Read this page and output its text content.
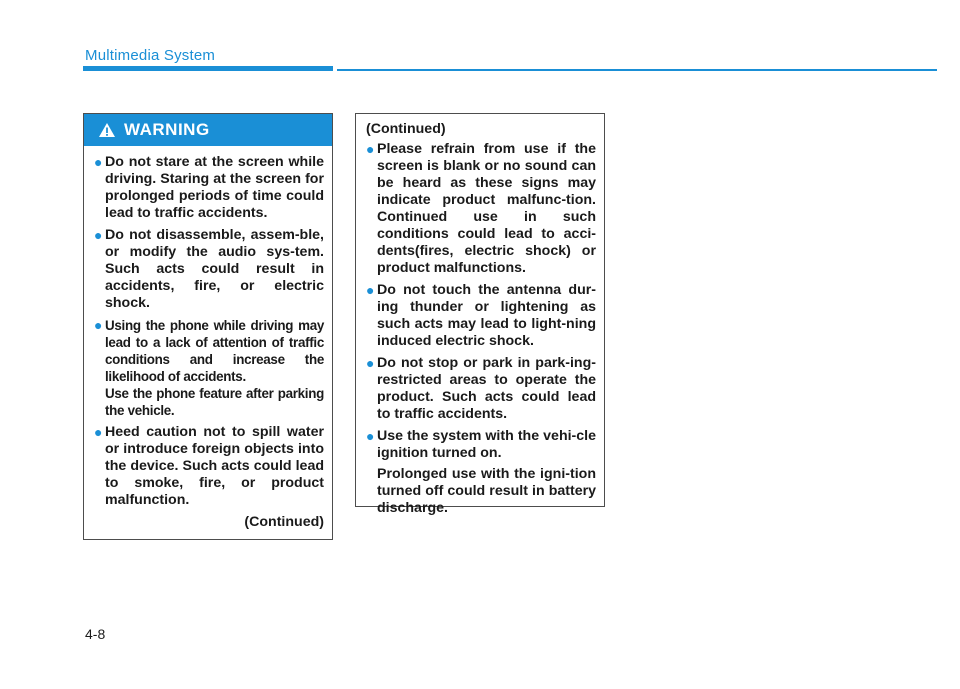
Multimedia System
WARNING
● Do not stare at the screen while driving. Staring at the screen for prolonged periods of time could lead to traffic accidents.

● Do not disassemble, assem-ble, or modify the audio sys-tem. Such acts could result in accidents, fire, or electric shock.

● Using the phone while driving may lead to a lack of attention of traffic conditions and increase the likelihood of accidents.

Use the phone feature after parking the vehicle.

● Heed caution not to spill water or introduce foreign objects into the device. Such acts could lead to smoke, fire, or product malfunction.

(Continued)
(Continued)
● Please refrain from use if the screen is blank or no sound can be heard as these signs may indicate product malfunc-tion. Continued use in such conditions could lead to acci-dents(fires, electric shock) or product malfunctions.

● Do not touch the antenna dur-ing thunder or lightening as such acts may lead to light-ning induced electric shock.

● Do not stop or park in park-ing-restricted areas to operate the product. Such acts could lead to traffic accidents.

● Use the system with the vehi-cle ignition turned on.

Prolonged use with the igni-tion turned off could result in battery discharge.

4-8
